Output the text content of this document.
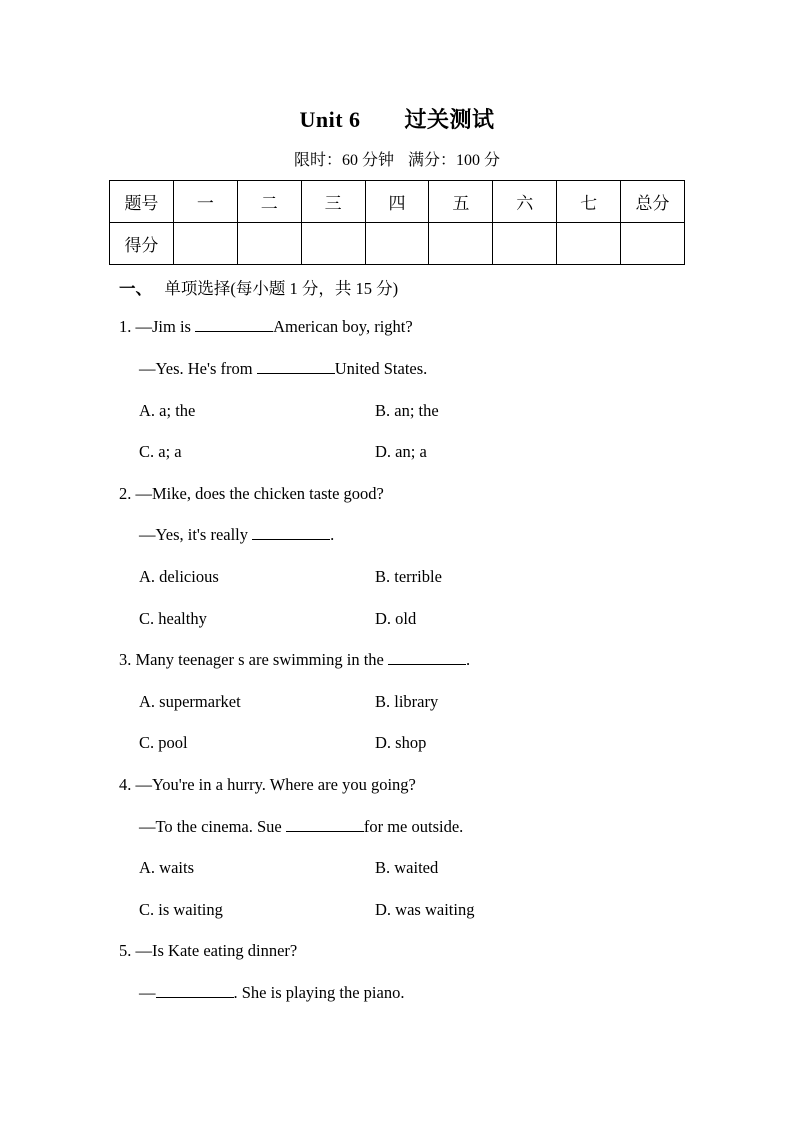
Unit 6 过关测试
限时：60 分钟 满分：100 分
题号	一	二	三	四	五	六	七	总分
得分								
一、 单项选择(每小题 1 分，共 15 分)
1. —Jim is	American boy, right?
—Yes. He's from	United States.
A. a; the	B. an; the
C. a; a	D. an; a
2. —Mike, does the chicken taste good?
—Yes, it's really	.
A. delicious	B. terrible
C. healthy	D. old
3. Many teenager s are swimming in the	.
A. supermarket	B. library
C. pool	D. shop
4. —You're in a hurry. Where are you going?
—To the cinema. Sue	for me outside.
A. waits	B. waited
C. is waiting	D. was waiting
5. —Is Kate eating dinner?
—	. She is playing the piano.
